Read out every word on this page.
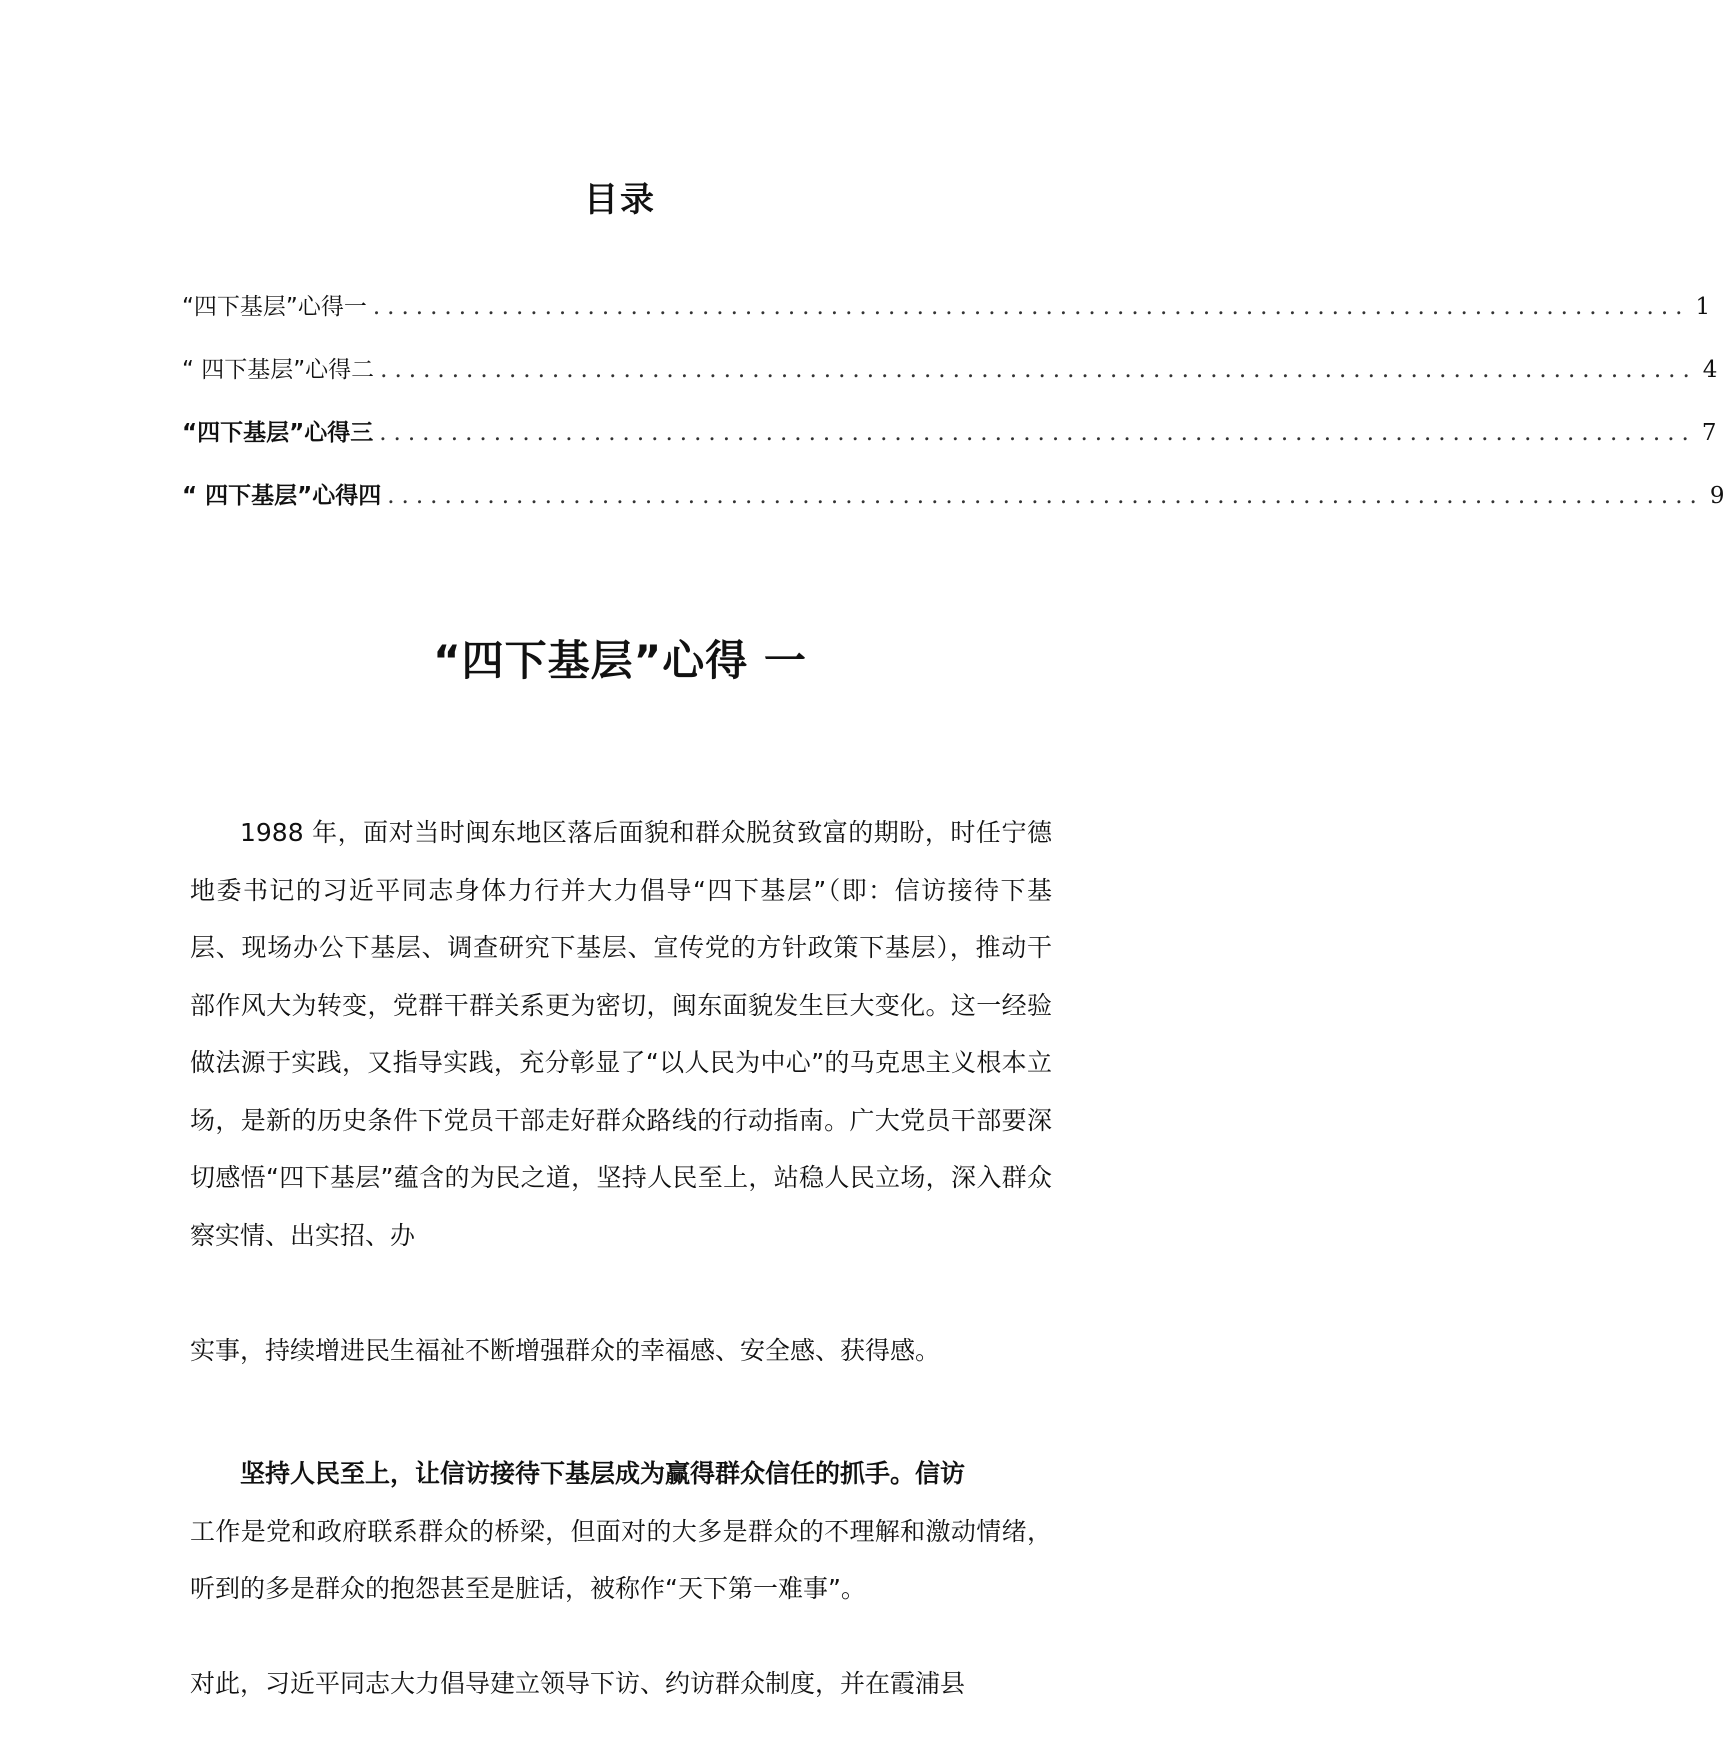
目录
“四下基层”心得一 ............................................................................................ 1
“ 四下基层”心得二 ............................................................................................ 4
“四下基层”心得三 ............................................................................................ 7
“ 四下基层”心得四 ............................................................................................ 9
“四下基层”心得 一

1988 年，面对当时闽东地区落后面貌和群众脱贫致富的期盼，时任宁德地委书记的习近平同志身体力行并大力倡导“四下基层”（即：信访接待下基层、现场办公下基层、调查研究下基层、宣传党的方针政策下基层），推动干部作风大为转变，党群干群关系更为密切，闽东面貌发生巨大变化。这一经验做法源于实践，又指导实践，充分彰显了“以人民为中心”的马克思主义根本立场，是新的历史条件下党员干部走好群众路线的行动指南。广大党员干部要深切感悟“四下基层”蕴含的为民之道，坚持人民至上，站稳人民立场，深入群众察实情、出实招、办

实事，持续增进民生福祉不断增强群众的幸福感、安全感、获得感。

坚持人民至上，让信访接待下基层成为赢得群众信任的抓手。信访
工作是党和政府联系群众的桥梁，但面对的大多是群众的不理解和激动情绪，听到的多是群众的抱怨甚至是脏话，被称作“天下第一难事”。

对此，习近平同志大力倡导建立领导下访、约访群众制度，并在霞浦县
